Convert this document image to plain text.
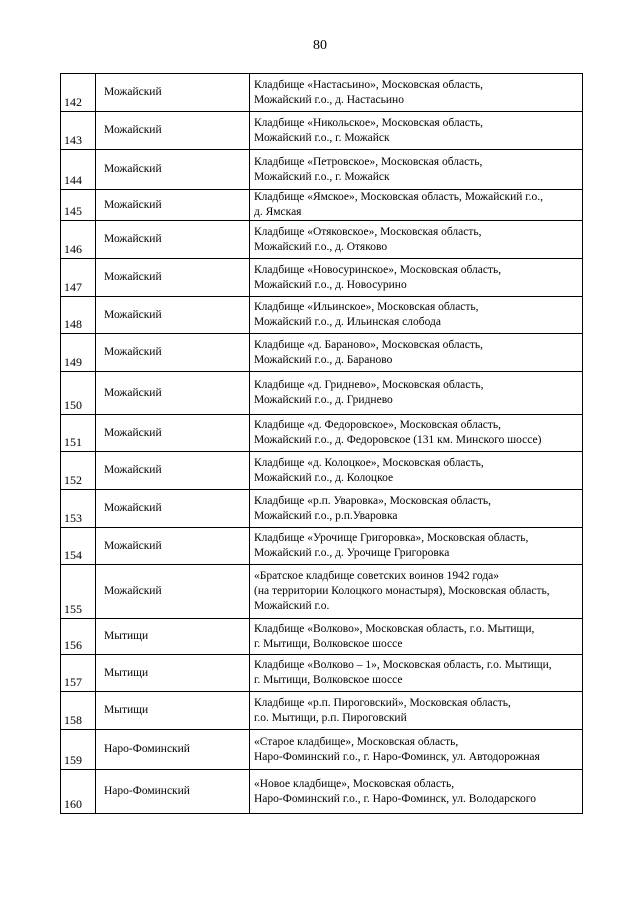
80
142	Можайский	Кладбище «Настасьино», Московская область,
Можайский г.о., д. Настасьино

143	Можайский	Кладбище «Никольское», Московская область,
Можайский г.о., г. Можайск

144	Можайский	Кладбище «Петровское», Московская область,
Можайский г.о., г. Можайск

145	Можайский	Кладбище «Ямское», Московская область, Можайский г.о.,
д. Ямская

146	Можайский	Кладбище «Отяковское», Московская область,
Можайский г.о., д. Отяково

147	Можайский	Кладбище «Новосуринское», Московская область,
Можайский г.о., д. Новосурино

148	Можайский	Кладбище «Ильинское», Московская область,
Можайский г.о., д. Ильинская слобода

149	Можайский	Кладбище «д. Бараново», Московская область,
Можайский г.о., д. Бараново

150	Можайский	Кладбище «д. Гриднево», Московская область,
Можайский г.о., д. Гриднево

151	Можайский	Кладбище «д. Федоровское», Московская область,
Можайский г.о., д. Федоровское (131 км. Минского шоссе)

152	Можайский	Кладбище «д. Колоцкое», Московская область,
Можайский г.о., д. Колоцкое

153	Можайский	Кладбище «р.п. Уваровка», Московская область,
Можайский г.о., р.п.Уваровка

154	Можайский	Кладбище «Урочище Григоровка», Московская область,
Можайский г.о., д. Урочище Григоровка

155	Можайский	«Братское кладбище советских воинов 1942 года»
(на территории Колоцкого монастыря), Московская область,
Можайский г.о.

156	Мытищи	Кладбище «Волково», Московская область, г.о. Мытищи,
г. Мытищи, Волковское шоссе

157	Мытищи	Кладбище «Волково – 1», Московская область, г.о. Мытищи,
г. Мытищи, Волковское шоссе

158	Мытищи	Кладбище «р.п. Пироговский», Московская область,
г.о. Мытищи, р.п. Пироговский

159	Наро-Фоминский	«Старое кладбище», Московская область,
Наро-Фоминский г.о., г. Наро-Фоминск, ул. Автодорожная

160	Наро-Фоминский	«Новое кладбище», Московская область,
Наро-Фоминский г.о., г. Наро-Фоминск, ул. Володарского
